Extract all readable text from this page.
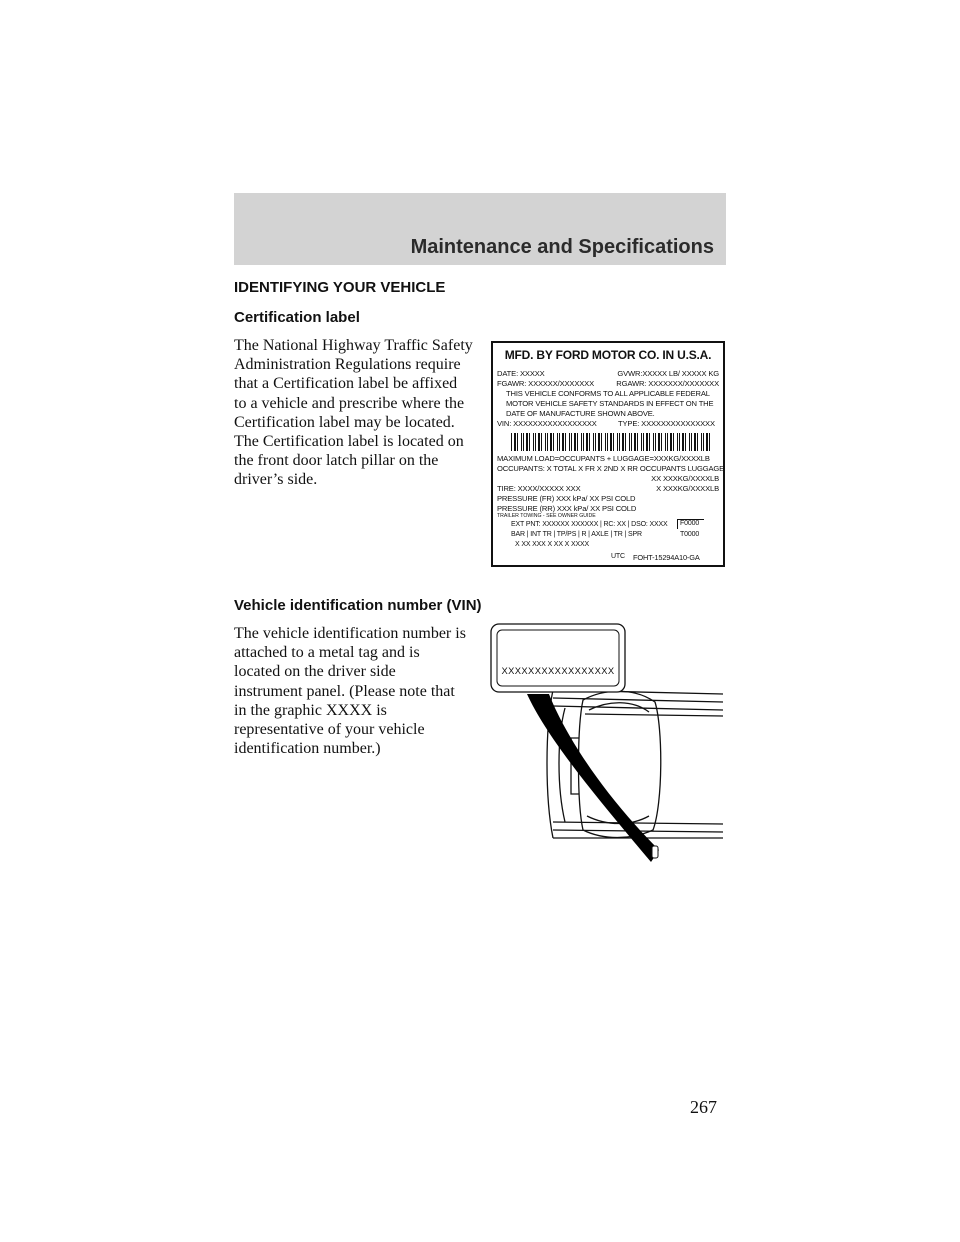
Maintenance and Specifications
IDENTIFYING YOUR VEHICLE
Certification label
The National Highway Traffic Safety
Administration Regulations require
that a Certification label be affixed
to a vehicle and prescribe where the
Certification label may be located.
The Certification label is located on
the front door latch pillar on the
driver’s side.
MFD. BY FORD MOTOR CO. IN U.S.A.
DATE: XXXXX	GVWR:XXXXX LB/ XXXXX KG
FGAWR: XXXXXX/XXXXXXX	RGAWR: XXXXXXX/XXXXXXX
THIS VEHICLE CONFORMS TO ALL APPLICABLE FEDERAL
MOTOR VEHICLE SAFETY STANDARDS IN EFFECT ON THE
DATE OF MANUFACTURE SHOWN ABOVE.
VIN: XXXXXXXXXXXXXXXXX	TYPE: XXXXXXXXXXXXXXX
MAXIMUM LOAD=OCCUPANTS + LUGGAGE=XXXKG/XXXXLB
OCCUPANTS: X TOTAL X FR X 2ND X RR OCCUPANTS LUGGAGE
XX XXXKG/XXXXLB
TIRE: XXXX/XXXXX XXX	X XXXKG/XXXXLB
PRESSURE (FR) XXX kPa/ XX PSI COLD
PRESSURE (RR) XXX kPa/ XX PSI COLD
TRAILER TOWING - SEE OWNER GUIDE
EXT PNT: XXXXXX XXXXXX | RC: XX | DSO: XXXX F0000
BAR | INT TR | TP/PS | R | AXLE | TR | SPR	T0000
X XX XXX X XX X XXXX
UTC FOHT-15294A10-GA
Vehicle identification number (VIN)
The vehicle identification number is
attached to a metal tag and is
located on the driver side
instrument panel. (Please note that
in the graphic XXXX is
representative of your vehicle
identification number.)
XXXXXXXXXXXXXXXXX
267
